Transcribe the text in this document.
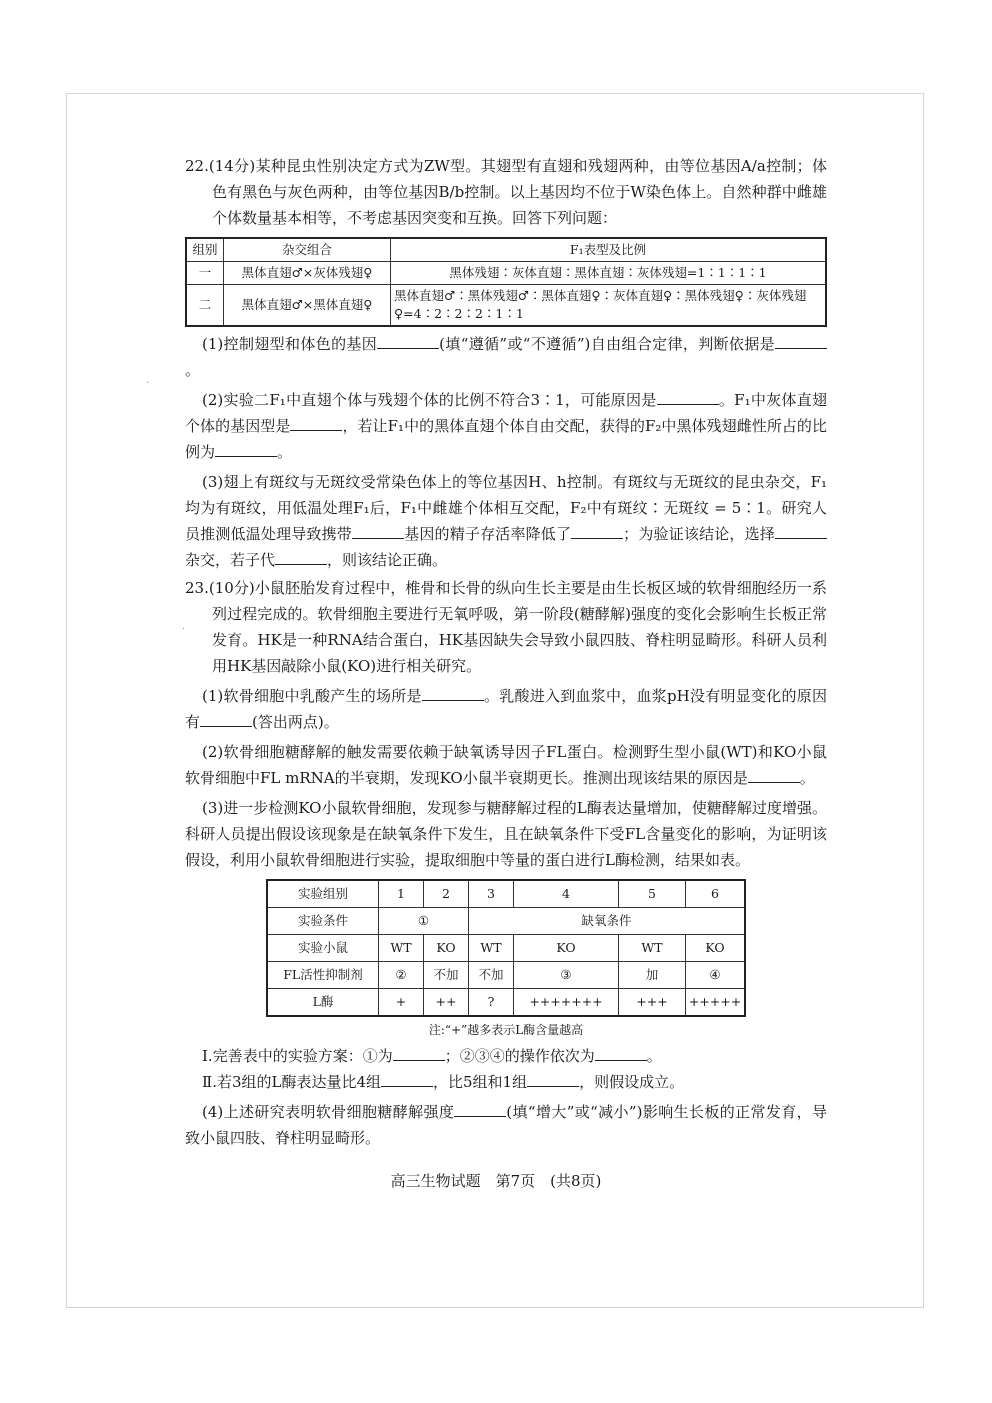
·
·

22.(14分)某种昆虫性别决定方式为ZW型。其翅型有直翅和残翅两种，由等位基因A/a控制；体色有黑色与灰色两种，由等位基因B/b控制。以上基因均不位于W染色体上。自然种群中雌雄个体数量基本相等，不考虑基因突变和互换。回答下列问题：

组别	杂交组合	F₁表型及比例
一	黑体直翅♂×灰体残翅♀	黑体残翅∶灰体直翅∶黑体直翅∶灰体残翅=1∶1∶1∶1
二	黑体直翅♂×黑体直翅♀	黑体直翅♂∶黑体残翅♂∶黑体直翅♀∶灰体直翅♀∶黑体残翅♀∶灰体残翅♀=4∶2∶2∶2∶1∶1

(1)控制翅型和体色的基因	(填“遵循”或“不遵循”)自由组合定律，判断依据是。

(2)实验二F₁中直翅个体与残翅个体的比例不符合3∶1，可能原因是	。F₁中灰体直翅个体的基因型是	，若让F₁中的黑体直翅个体自由交配，获得的F₂中黑体残翅雌性所占的比例为	。

(3)翅上有斑纹与无斑纹受常染色体上的等位基因H、h控制。有斑纹与无斑纹的昆虫杂交，F₁均为有斑纹，用低温处理F₁后，F₁中雌雄个体相互交配，F₂中有斑纹∶无斑纹 = 5∶1。研究人员推测低温处理导致携带	基因的精子存活率降低了	；为验证该结论，选择杂交，若子代	，则该结论正确。

23.(10分)小鼠胚胎发育过程中，椎骨和长骨的纵向生长主要是由生长板区域的软骨细胞经历一系列过程完成的。软骨细胞主要进行无氧呼吸，第一阶段(糖酵解)强度的变化会影响生长板正常发育。HK是一种RNA结合蛋白，HK基因缺失会导致小鼠四肢、脊柱明显畸形。科研人员利用HK基因敲除小鼠(KO)进行相关研究。

(1)软骨细胞中乳酸产生的场所是	。乳酸进入到血浆中，血浆pH没有明显变化的原因有	(答出两点)。

(2)软骨细胞糖酵解的触发需要依赖于缺氧诱导因子FL蛋白。检测野生型小鼠(WT)和KO小鼠软骨细胞中FL mRNA的半衰期，发现KO小鼠半衰期更长。推测出现该结果的原因是	。

(3)进一步检测KO小鼠软骨细胞，发现参与糖酵解过程的L酶表达量增加，使糖酵解过度增强。科研人员提出假设该现象是在缺氧条件下发生，且在缺氧条件下受FL含量变化的影响，为证明该假设，利用小鼠软骨细胞进行实验，提取细胞中等量的蛋白进行L酶检测，结果如表。

实验组别	1	2	3	4	5	6
实验条件	①		缺氧条件			
实验小鼠	WT	KO	WT	KO	WT	KO
FL活性抑制剂	②	不加	不加	③	加	④
L酶	+	++	?	+++++++	+++	+++++

注:“+”越多表示L酶含量越高

Ⅰ.完善表中的实验方案：①为	；②③④的操作依次为	。

Ⅱ.若3组的L酶表达量比4组	，比5组和1组	，则假设成立。

(4)上述研究表明软骨细胞糖酵解强度	(填“增大”或“减小”)影响生长板的正常发育，导致小鼠四肢、脊柱明显畸形。

高三生物试题　第7页　(共8页)
